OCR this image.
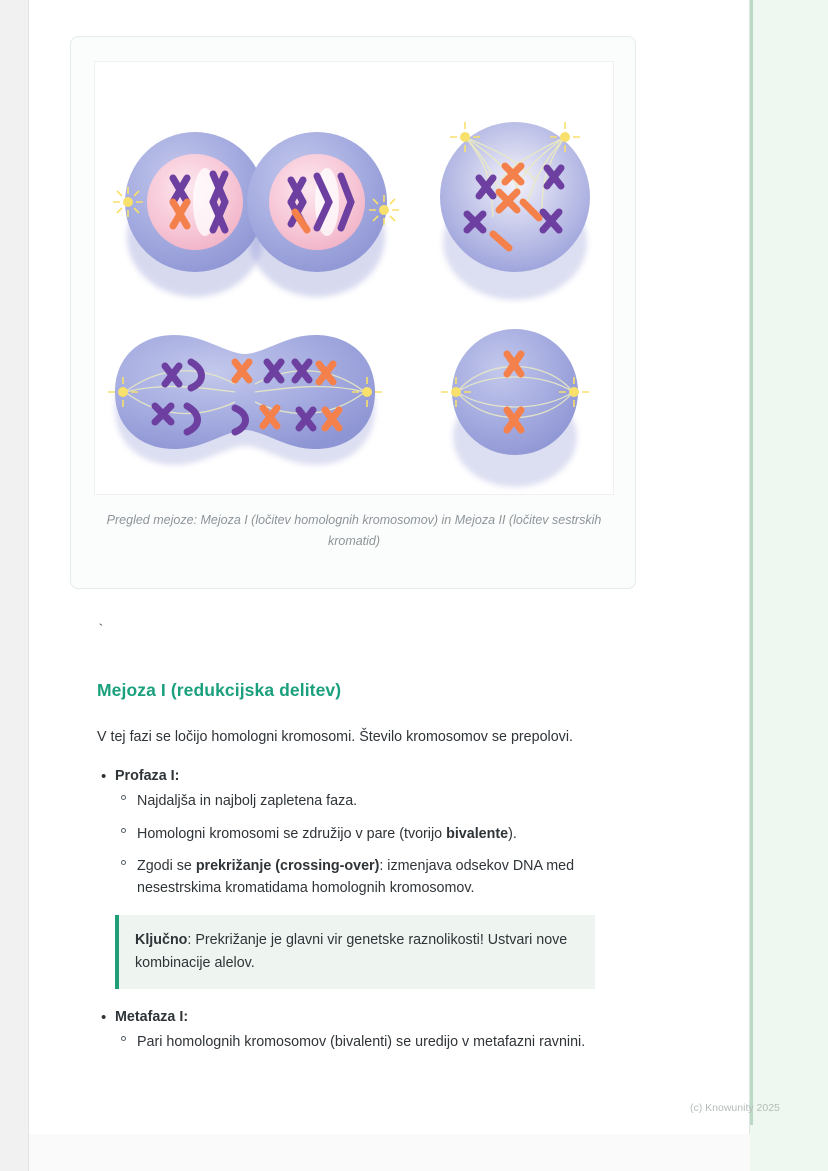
Pregled mejoze: Mejoza I (ločitev homolognih kromosomov) in Mejoza II (ločitev sestrskih kromatid)
`
Mejoza I (redukcijska delitev)

V tej fazi se ločijo homologni kromosomi. Število kromosomov se prepolovi.

• Profaza I:
Najdaljša in najbolj zapletena faza.
Homologni kromosomi se združijo v pare (tvorijo bivalente).
Zgodi se prekrižanje (crossing-over): izmenjava odsekov DNA med nesestrskima kromatidama homolognih kromosomov.
Ključno: Prekrižanje je glavni vir genetske raznolikosti! Ustvari nove kombinacije alelov.
• Metafaza I:
Pari homolognih kromosomov (bivalenti) se uredijo v metafazni ravnini.
(c) Knowunity 2025
